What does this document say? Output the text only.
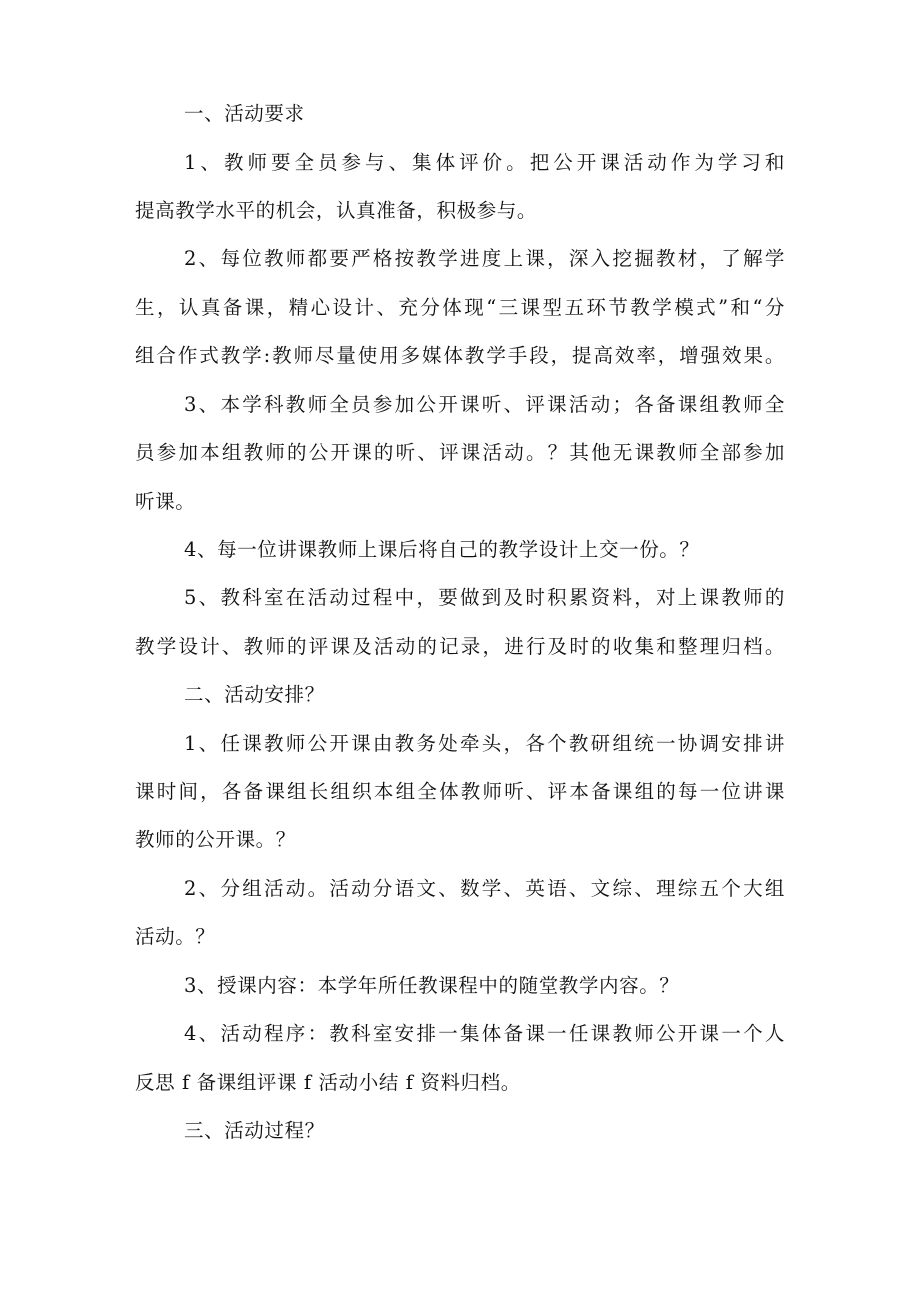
一、活动要求

1、教师要全员参与、集体评价。把公开课活动作为学习和

提高教学水平的机会，认真准备，积极参与。

2、每位教师都要严格按教学进度上课，深入挖掘教材，了解学

生，认真备课，精心设计、充分体现“三课型五环节教学模式”和“分

组合作式教学:教师尽量使用多媒体教学手段，提高效率，增强效果。

3、本学科教师全员参加公开课听、评课活动；各备课组教师全

员参加本组教师的公开课的听、评课活动。？其他无课教师全部参加

听课。

4、每一位讲课教师上课后将自己的教学设计上交一份。？

5、教科室在活动过程中，要做到及时积累资料，对上课教师的

教学设计、教师的评课及活动的记录，进行及时的收集和整理归档。

二、活动安排？

1、任课教师公开课由教务处牵头，各个教研组统一协调安排讲

课时间，各备课组长组织本组全体教师听、评本备课组的每一位讲课

教师的公开课。？

2、分组活动。活动分语文、数学、英语、文综、理综五个大组

活动。？

3、授课内容：本学年所任教课程中的随堂教学内容。？

4、活动程序：教科室安排一集体备课一任课教师公开课一个人

反思 f 备课组评课 f 活动小结 f 资料归档。

三、活动过程？
